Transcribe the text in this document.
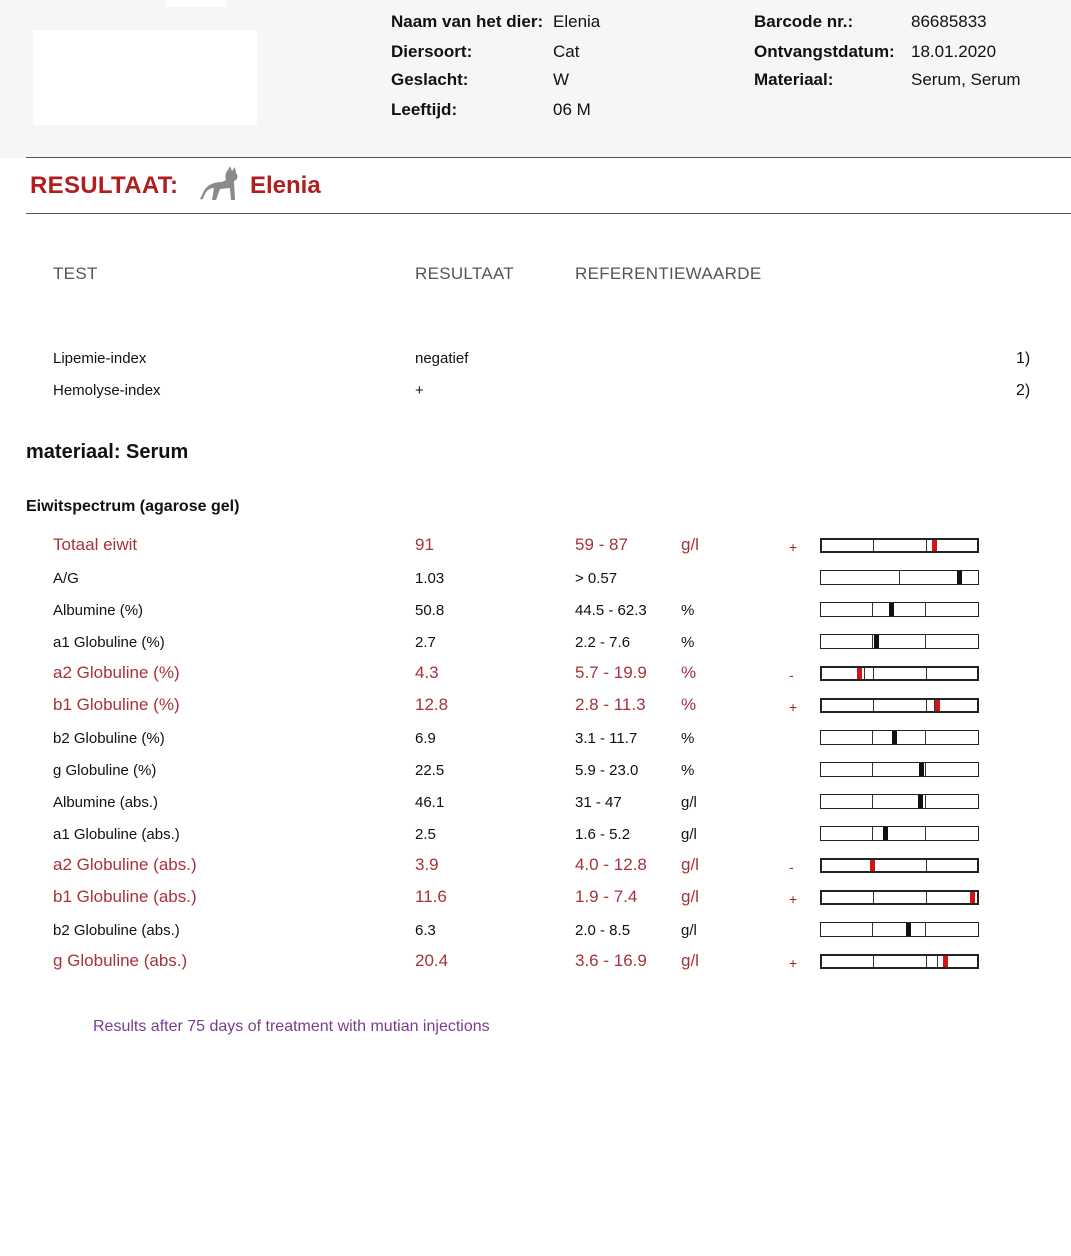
Naam van het dier: Elenia
Diersoort:	Cat
Geslacht:	W
Leeftijd:	06 M
Barcode nr.:	86685833
Ontvangstdatum: 18.01.2020
Materiaal:	Serum, Serum
RESULTAAT:	Elenia
TEST	RESULTAAT	REFERENTIEWAARDE
Lipemie-index	negatief	1)
Hemolyse-index	+	2)
materiaal: Serum
Eiwitspectrum (agarose gel)
Totaal eiwit	91	59 - 87	g/l	+
A/G	1.03	> 0.57
Albumine (%)	50.8	44.5 - 62.3 %
a1 Globuline (%)	2.7	2.2 - 7.6	%
a2 Globuline (%)	4.3	5.7 - 19.9 %	-
b1 Globuline (%)	12.8	2.8 - 11.3 %	+
b2 Globuline (%)	6.9	3.1 - 11.7	%
g Globuline (%)	22.5	5.9 - 23.0	%
Albumine (abs.)	46.1	31 - 47	g/l
a1 Globuline (abs.)	2.5	1.6 - 5.2	g/l
a2 Globuline (abs.)	3.9	4.0 - 12.8 g/l	-
b1 Globuline (abs.)	11.6	1.9 - 7.4	g/l	+
b2 Globuline (abs.)	6.3	2.0 - 8.5	g/l
g Globuline (abs.)	20.4	3.6 - 16.9 g/l	+
Results after 75 days of treatment with mutian injections
